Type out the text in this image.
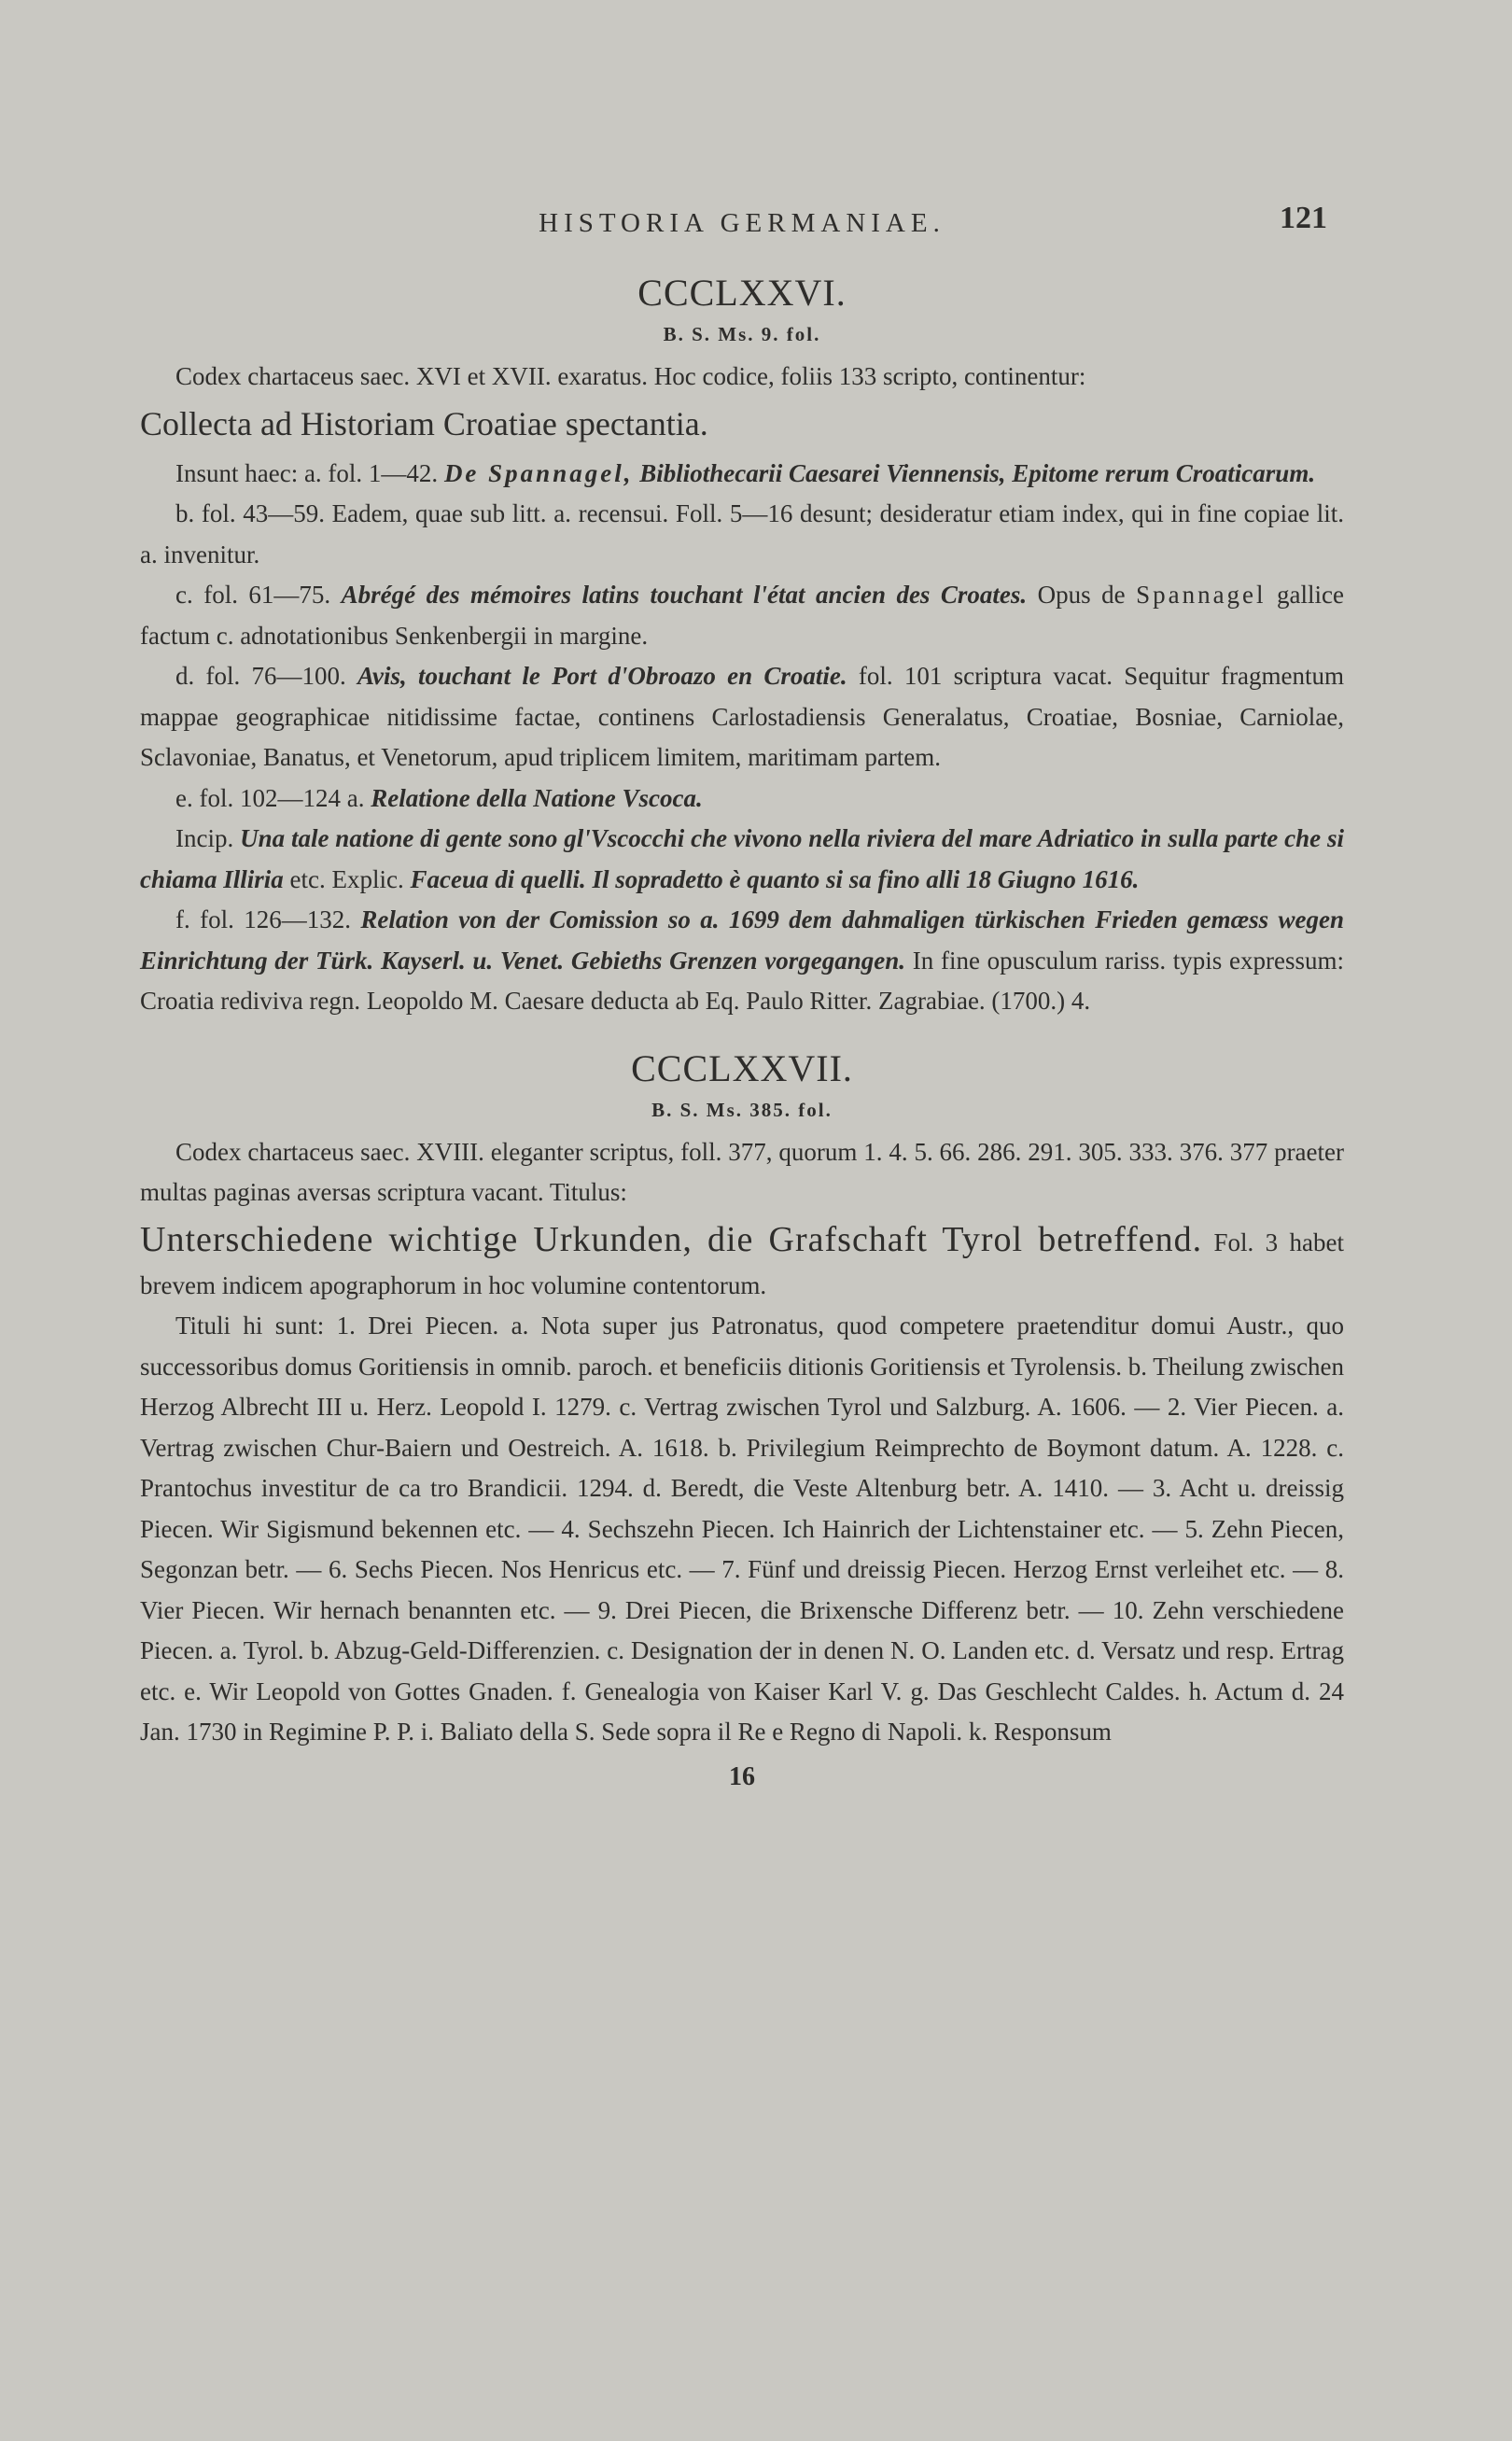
HISTORIA GERMANIAE.	121
CCCLXXVI.
B. S. Ms. 9. fol.

Codex chartaceus saec. XVI et XVII. exaratus. Hoc codice, foliis 133 scripto, continentur:

Collecta ad Historiam Croatiae spectantia.

Insunt haec: a. fol. 1—42. De Spannagel, Bibliothecarii Caesarei Viennensis, Epitome rerum Croaticarum.

b. fol. 43—59. Eadem, quae sub litt. a. recensui. Foll. 5—16 desunt; desideratur etiam index, qui in fine copiae lit. a. invenitur.

c. fol. 61—75. Abrégé des mémoires latins touchant l'état ancien des Croates. Opus de Spannagel gallice factum c. adnotationibus Senkenbergii in margine.

d. fol. 76—100. Avis, touchant le Port d'Obroazo en Croatie. fol. 101 scriptura vacat. Sequitur fragmentum mappae geographicae nitidissime factae, continens Carlostadiensis Generalatus, Croatiae, Bosniae, Carniolae, Sclavoniae, Banatus, et Venetorum, apud triplicem limitem, maritimam partem.

e. fol. 102—124 a. Relatione della Natione Vscoca.

Incip. Una tale natione di gente sono gl'Vscocchi che vivono nella riviera del mare Adriatico in sulla parte che si chiama Illiria etc. Explic. Faceua di quelli. Il sopradetto è quanto si sa fino alli 18 Giugno 1616.

f. fol. 126—132. Relation von der Comission so a. 1699 dem dahmaligen türkischen Frieden gemæss wegen Einrichtung der Türk. Kayserl. u. Venet. Gebieths Grenzen vorgegangen. In fine opusculum rariss. typis expressum: Croatia rediviva regn. Leopoldo M. Caesare deducta ab Eq. Paulo Ritter. Zagrabiae. (1700.) 4.

CCCLXXVII.
B. S. Ms. 385. fol.

Codex chartaceus saec. XVIII. eleganter scriptus, foll. 377, quorum 1. 4. 5. 66. 286. 291. 305. 333. 376. 377 praeter multas paginas aversas scriptura vacant. Titulus:

Unterschiedene wichtige Urkunden, die Grafschaft Tyrol betreffend. Fol. 3 habet brevem indicem apographorum in hoc volumine contentorum.

Tituli hi sunt: 1. Drei Piecen. a. Nota super jus Patronatus, quod competere praetenditur domui Austr., quo successoribus domus Goritiensis in omnib. paroch. et beneficiis ditionis Goritiensis et Tyrolensis. b. Theilung zwischen Herzog Albrecht III u. Herz. Leopold I. 1279. c. Vertrag zwischen Tyrol und Salzburg. A. 1606. — 2. Vier Piecen. a. Vertrag zwischen Chur-Baiern und Oestreich. A. 1618. b. Privilegium Reimprechto de Boymont datum. A. 1228. c. Prantochus investitur de ca tro Brandicii. 1294. d. Beredt, die Veste Altenburg betr. A. 1410. — 3. Acht u. dreissig Piecen. Wir Sigismund bekennen etc. — 4. Sechszehn Piecen. Ich Hainrich der Lichtenstainer etc. — 5. Zehn Piecen, Segonzan betr. — 6. Sechs Piecen. Nos Henricus etc. — 7. Fünf und dreissig Piecen. Herzog Ernst verleihet etc. — 8. Vier Piecen. Wir hernach benannten etc. — 9. Drei Piecen, die Brixensche Differenz betr. — 10. Zehn verschiedene Piecen. a. Tyrol. b. Abzug-Geld-Differenzien. c. Designation der in denen N. O. Landen etc. d. Versatz und resp. Ertrag etc. e. Wir Leopold von Gottes Gnaden. f. Genealogia von Kaiser Karl V. g. Das Geschlecht Caldes. h. Actum d. 24 Jan. 1730 in Regimine P. P. i. Baliato della S. Sede sopra il Re e Regno di Napoli. k. Responsum

16
